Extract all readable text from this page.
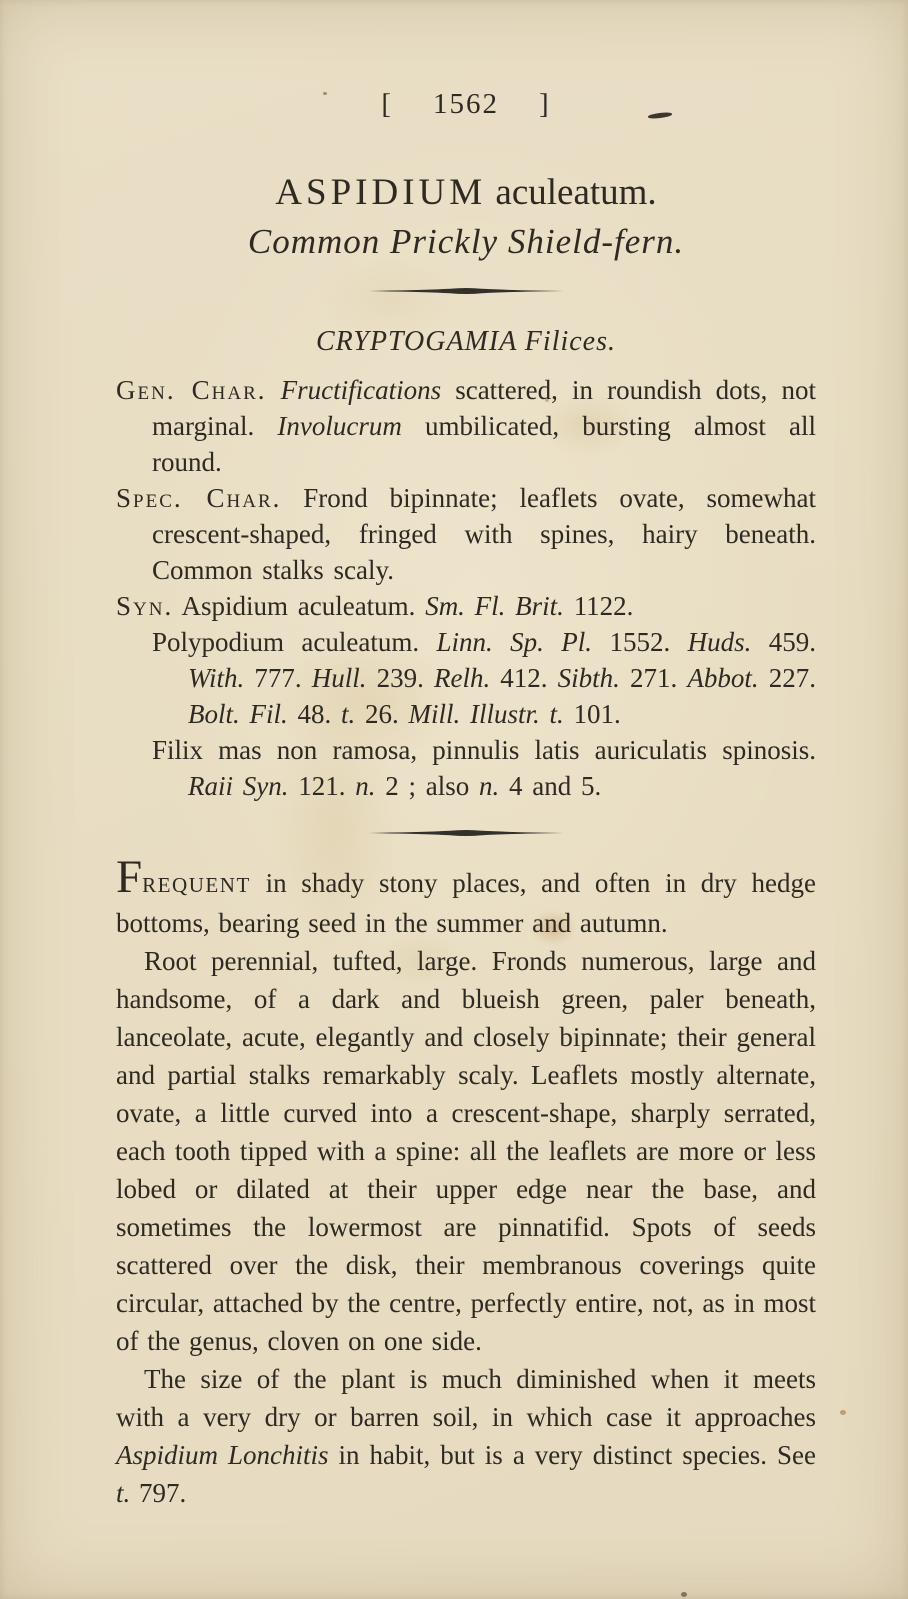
[ 1562 ]
ASPIDIUM aculeatum.
Common Prickly Shield-fern.
CRYPTOGAMIA Filices.

Gen. Char. Fructifications scattered, in roundish dots, not marginal. Involucrum umbilicated, bursting almost all round.

Spec. Char. Frond bipinnate; leaflets ovate, somewhat crescent-shaped, fringed with spines, hairy beneath. Common stalks scaly.

Syn. Aspidium aculeatum. Sm. Fl. Brit. 1122.

Polypodium aculeatum. Linn. Sp. Pl. 1552. Huds. 459. With. 777. Hull. 239. Relh. 412. Sibth. 271. Abbot. 227. Bolt. Fil. 48. t. 26. Mill. Illustr. t. 101.

Filix mas non ramosa, pinnulis latis auriculatis spinosis. Raii Syn. 121. n. 2 ; also n. 4 and 5.

FREQUENT in shady stony places, and often in dry hedge bottoms, bearing seed in the summer and autumn.

Root perennial, tufted, large. Fronds numerous, large and handsome, of a dark and blueish green, paler beneath, lanceolate, acute, elegantly and closely bipinnate; their general and partial stalks remarkably scaly. Leaflets mostly alternate, ovate, a little curved into a crescent-shape, sharply serrated, each tooth tipped with a spine: all the leaflets are more or less lobed or dilated at their upper edge near the base, and sometimes the lowermost are pinnatifid. Spots of seeds scattered over the disk, their membranous coverings quite circular, attached by the centre, perfectly entire, not, as in most of the genus, cloven on one side.

The size of the plant is much diminished when it meets with a very dry or barren soil, in which case it approaches Aspidium Lonchitis in habit, but is a very distinct species. See t. 797.
